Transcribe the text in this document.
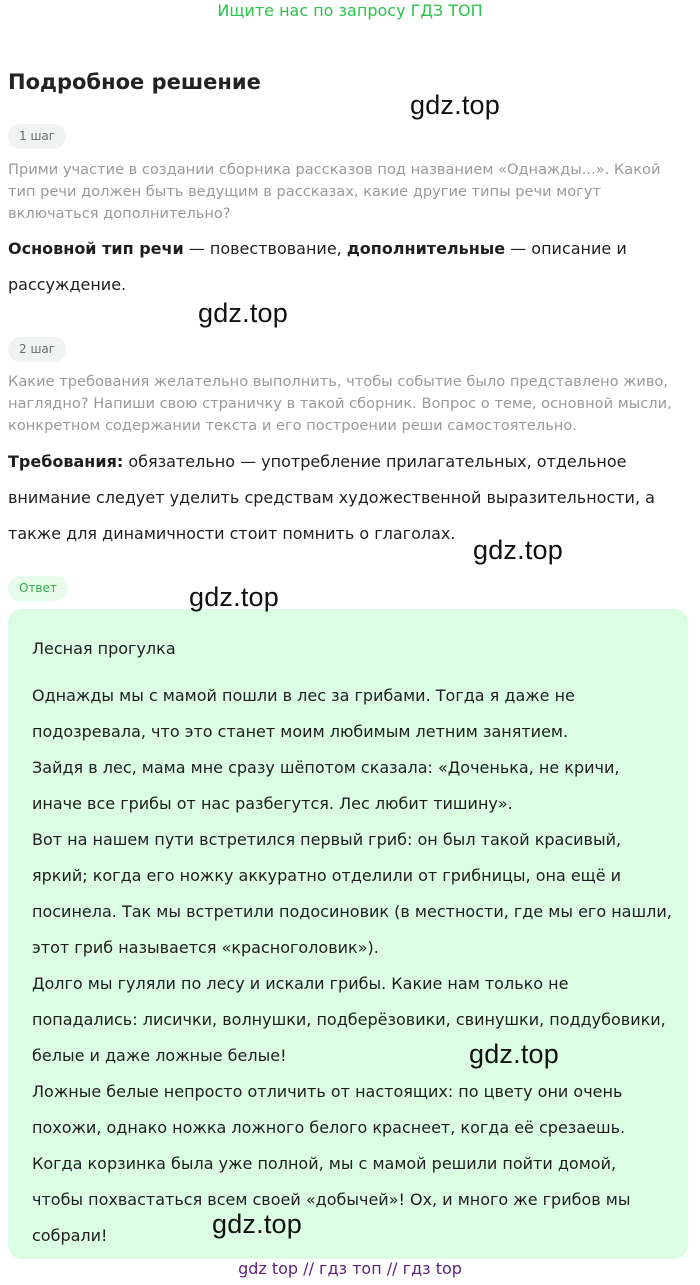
Ищите нас по запросу ГДЗ ТОП
Подробное решение
1 шаг
Прими участие в создании сборника рассказов под названием «Однажды...». Какой тип речи должен быть ведущим в рассказах, какие другие типы речи могут включаться дополнительно?
Основной тип речи — повествование, дополнительные — описание и рассуждение.
2 шаг
Какие требования желательно выполнить, чтобы событие было представлено живо, наглядно? Напиши свою страничку в такой сборник. Вопрос о теме, основной мысли, конкретном содержании текста и его построении реши самостоятельно.
Требования: обязательно — употребление прилагательных, отдельное внимание следует уделить средствам художественной выразительности, а также для динамичности стоит помнить о глаголах.
Ответ
Лесная прогулка

Однажды мы с мамой пошли в лес за грибами. Тогда я даже не подозревала, что это станет моим любимым летним занятием.

Зайдя в лес, мама мне сразу шёпотом сказала: «Доченька, не кричи, иначе все грибы от нас разбегутся. Лес любит тишину».

Вот на нашем пути встретился первый гриб: он был такой красивый, яркий; когда его ножку аккуратно отделили от грибницы, она ещё и посинела. Так мы встретили подосиновик (в местности, где мы его нашли, этот гриб называется «красноголовик»).

Долго мы гуляли по лесу и искали грибы. Какие нам только не попадались: лисички, волнушки, подберёзовики, свинушки, поддубовики, белые и даже ложные белые!

Ложные белые непросто отличить от настоящих: по цвету они очень похожи, однако ножка ложного белого краснеет, когда её срезаешь.

Когда корзинка была уже полной, мы с мамой решили пойти домой, чтобы похвастаться всем своей «добычей»! Ох, и много же грибов мы собрали!

gdz.top
gdz.top
gdz.top
gdz.top
gdz.top
gdz.top
gdz top // гдз топ // гдз top
